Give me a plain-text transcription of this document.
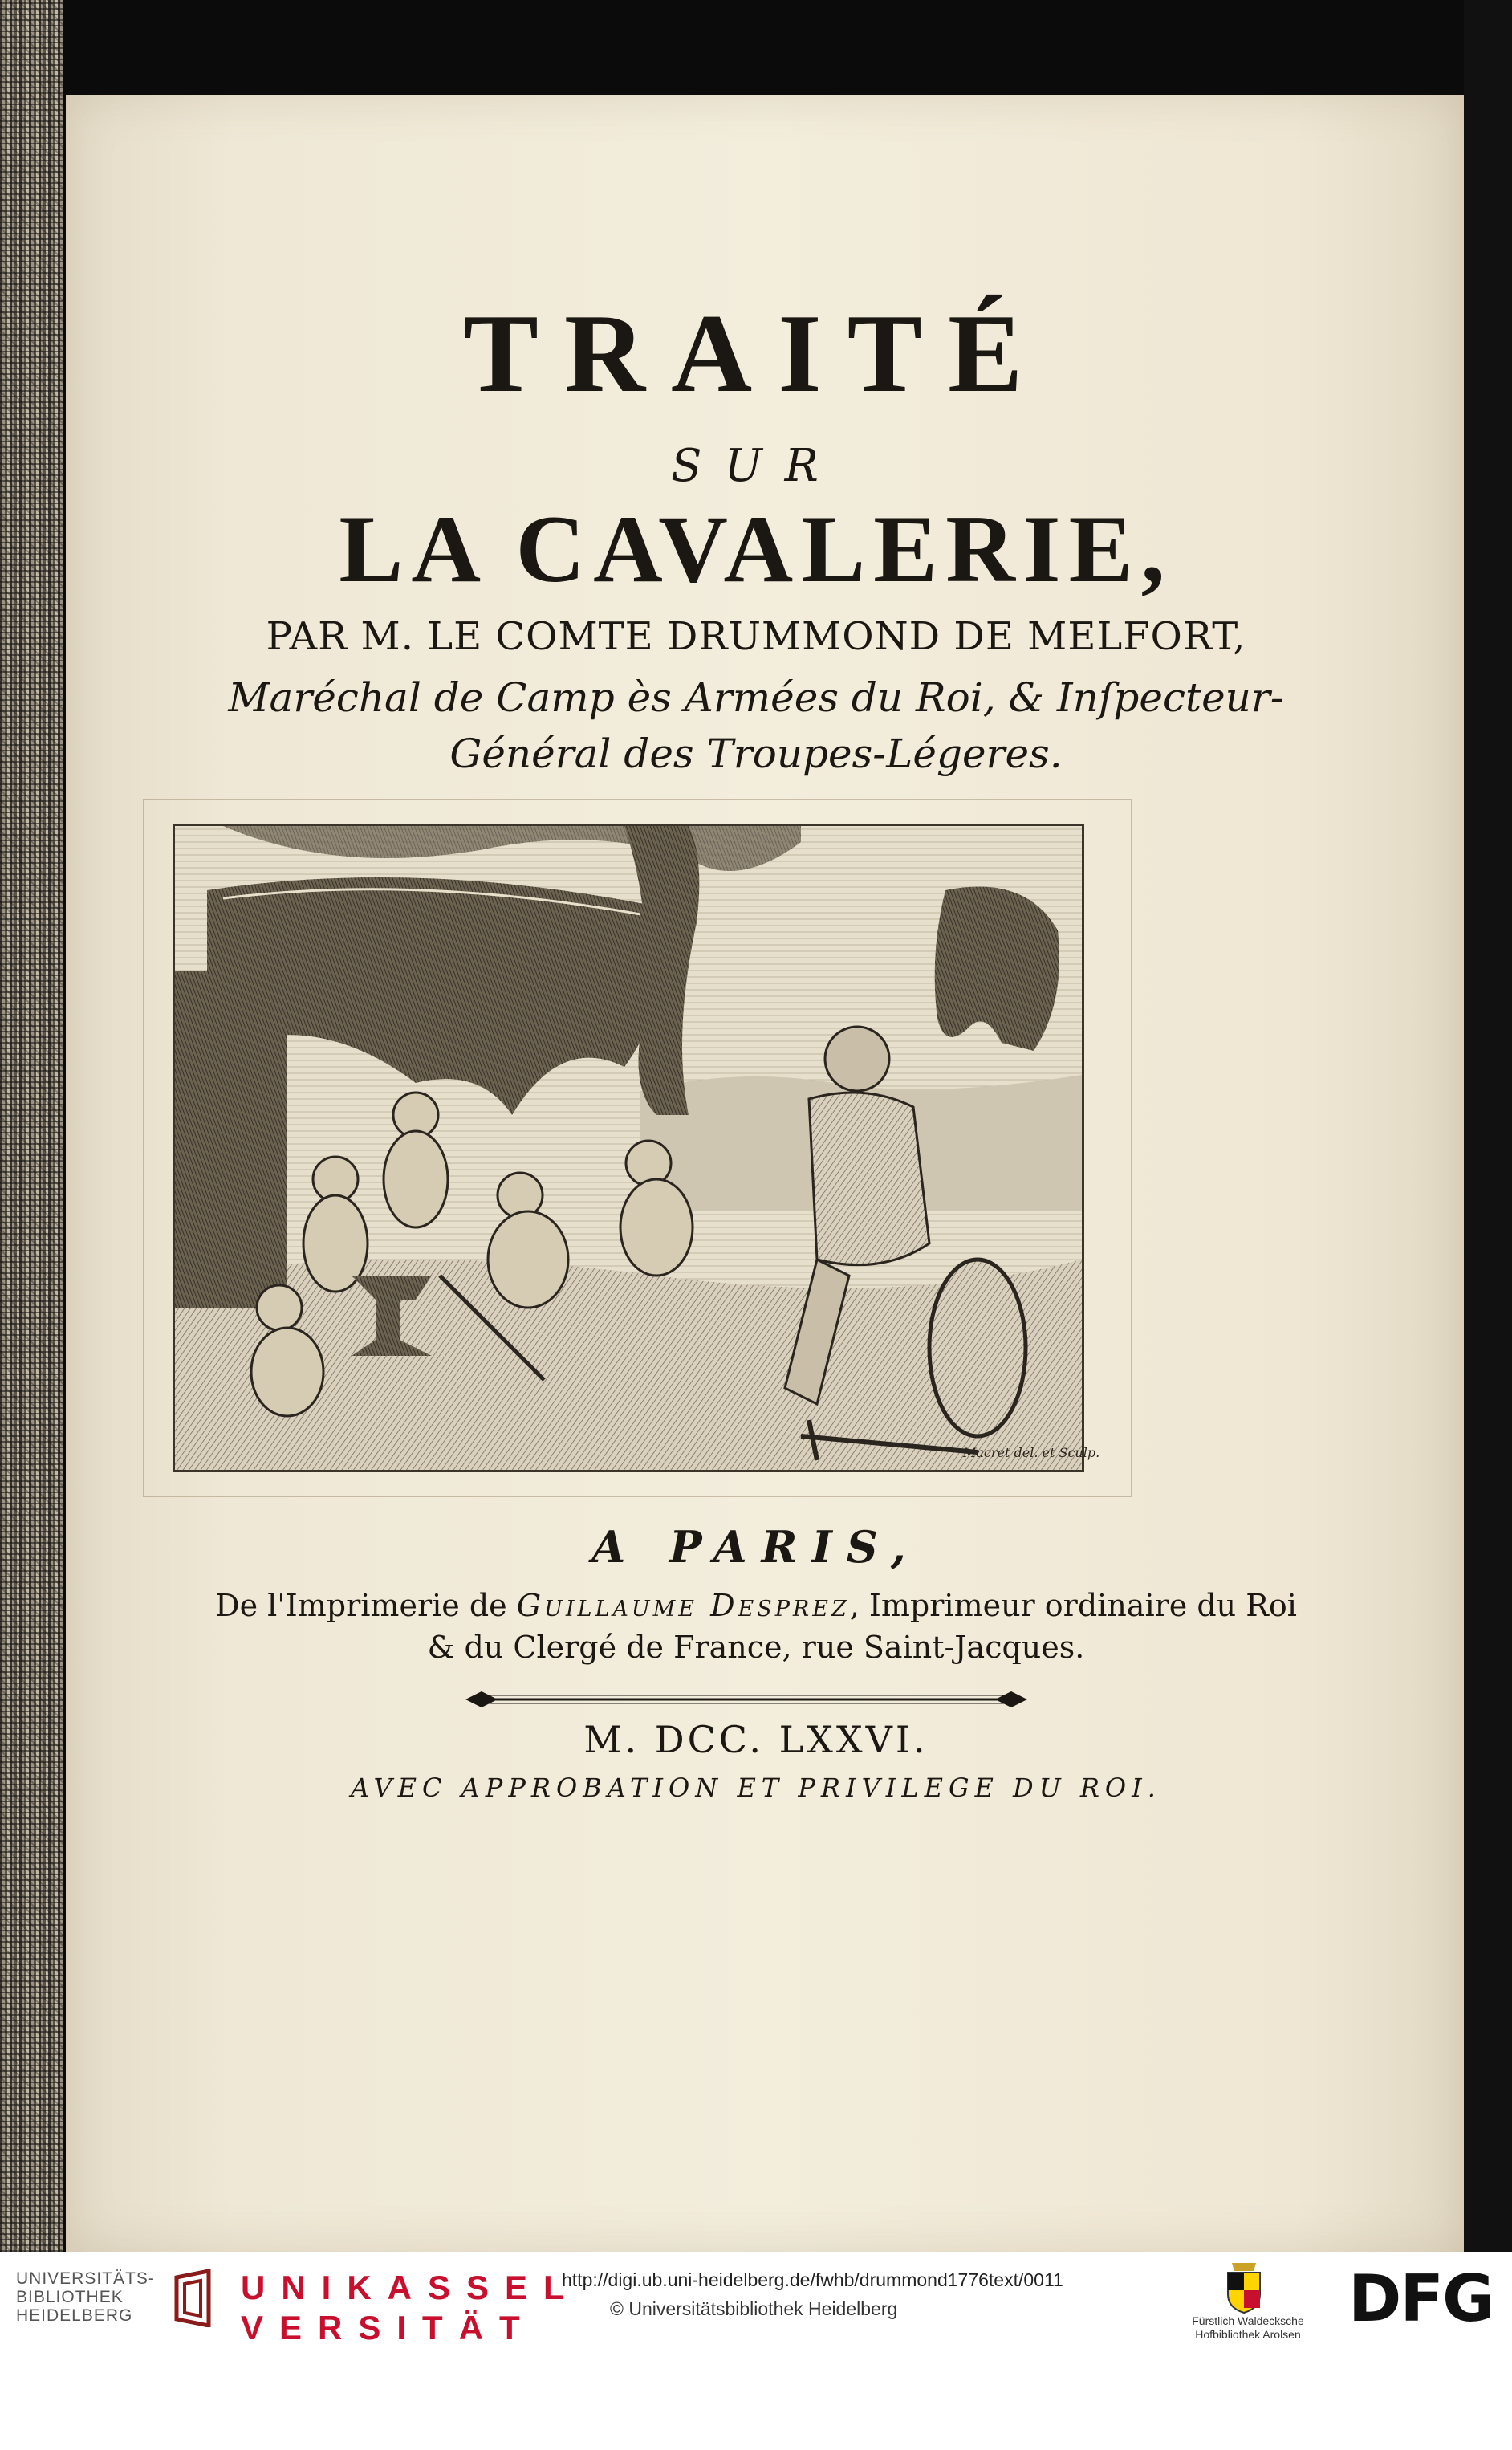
TRAITÉ
SUR
LA CAVALERIE,
PAR M. LE COMTE DRUMMOND DE MELFORT,
Maréchal de Camp ès Armées du Roi, & Inſpecteur-
Général des Troupes-Légeres.
Macret del. et Sculp.
A PARIS,
De l'Imprimerie de Guillaume Desprez, Imprimeur ordinaire du Roi
& du Clergé de France, rue Saint-Jacques.
M. DCC. LXXVI.
AVEC APPROBATION ET PRIVILEGE DU ROI.
UNIVERSITÄTS-
BIBLIOTHEK
HEIDELBERG
UNIKASSEL
VERSITÄT
http://digi.ub.uni-heidelberg.de/fwhb/drummond1776text/0011
© Universitätsbibliothek Heidelberg
Fürstlich Waldecksche
Hofbibliothek Arolsen DFG
